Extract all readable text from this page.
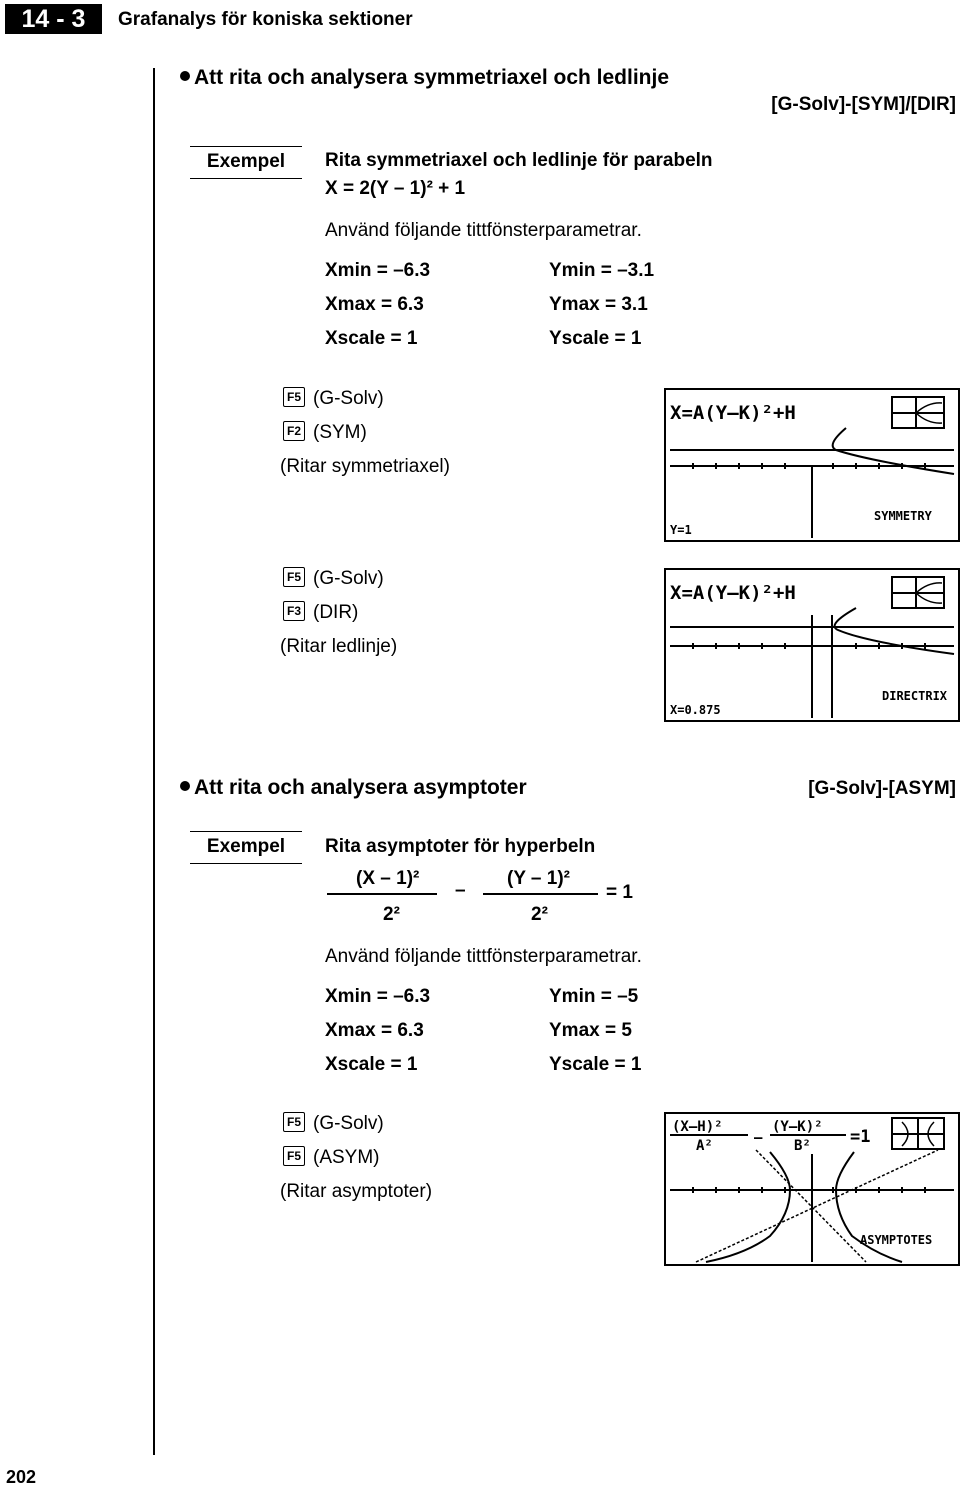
14 - 3	Grafanalys för koniska sektioner
Att rita och analysera symmetriaxel och ledlinje
[G-Solv]-[SYM]/[DIR]
Exempel	Rita symmetriaxel och ledlinje för parabeln
X = 2(Y – 1)² + 1
Använd följande tittfönsterparametrar.
Xmin = –6.3	Ymin = –3.1
Xmax = 6.3	Ymax = 3.1
Xscale = 1	Yscale = 1
F5 (G-Solv)
F2 (SYM)
(Ritar symmetriaxel)
X=A(Y–K)²+H
SYMMETRY
Y=1
F5 (G-Solv)
F3 (DIR)
(Ritar ledlinje)
X=A(Y–K)²+H
DIRECTRIX
X=0.875
Att rita och analysera asymptoter	[G-Solv]-[ASYM]
Exempel	Rita asymptoter för hyperbeln
(X – 1)²
2²
–
(Y – 1)²
2²
= 1
Använd följande tittfönsterparametrar.
Xmin = –6.3	Ymin = –5
Xmax = 6.3	Ymax = 5
Xscale = 1	Yscale = 1
F5 (G-Solv)
F5 (ASYM)
(Ritar asymptoter)
(X–H)²
A²	–
(Y–K)²
B² =1
ASYMPTOTES
202
